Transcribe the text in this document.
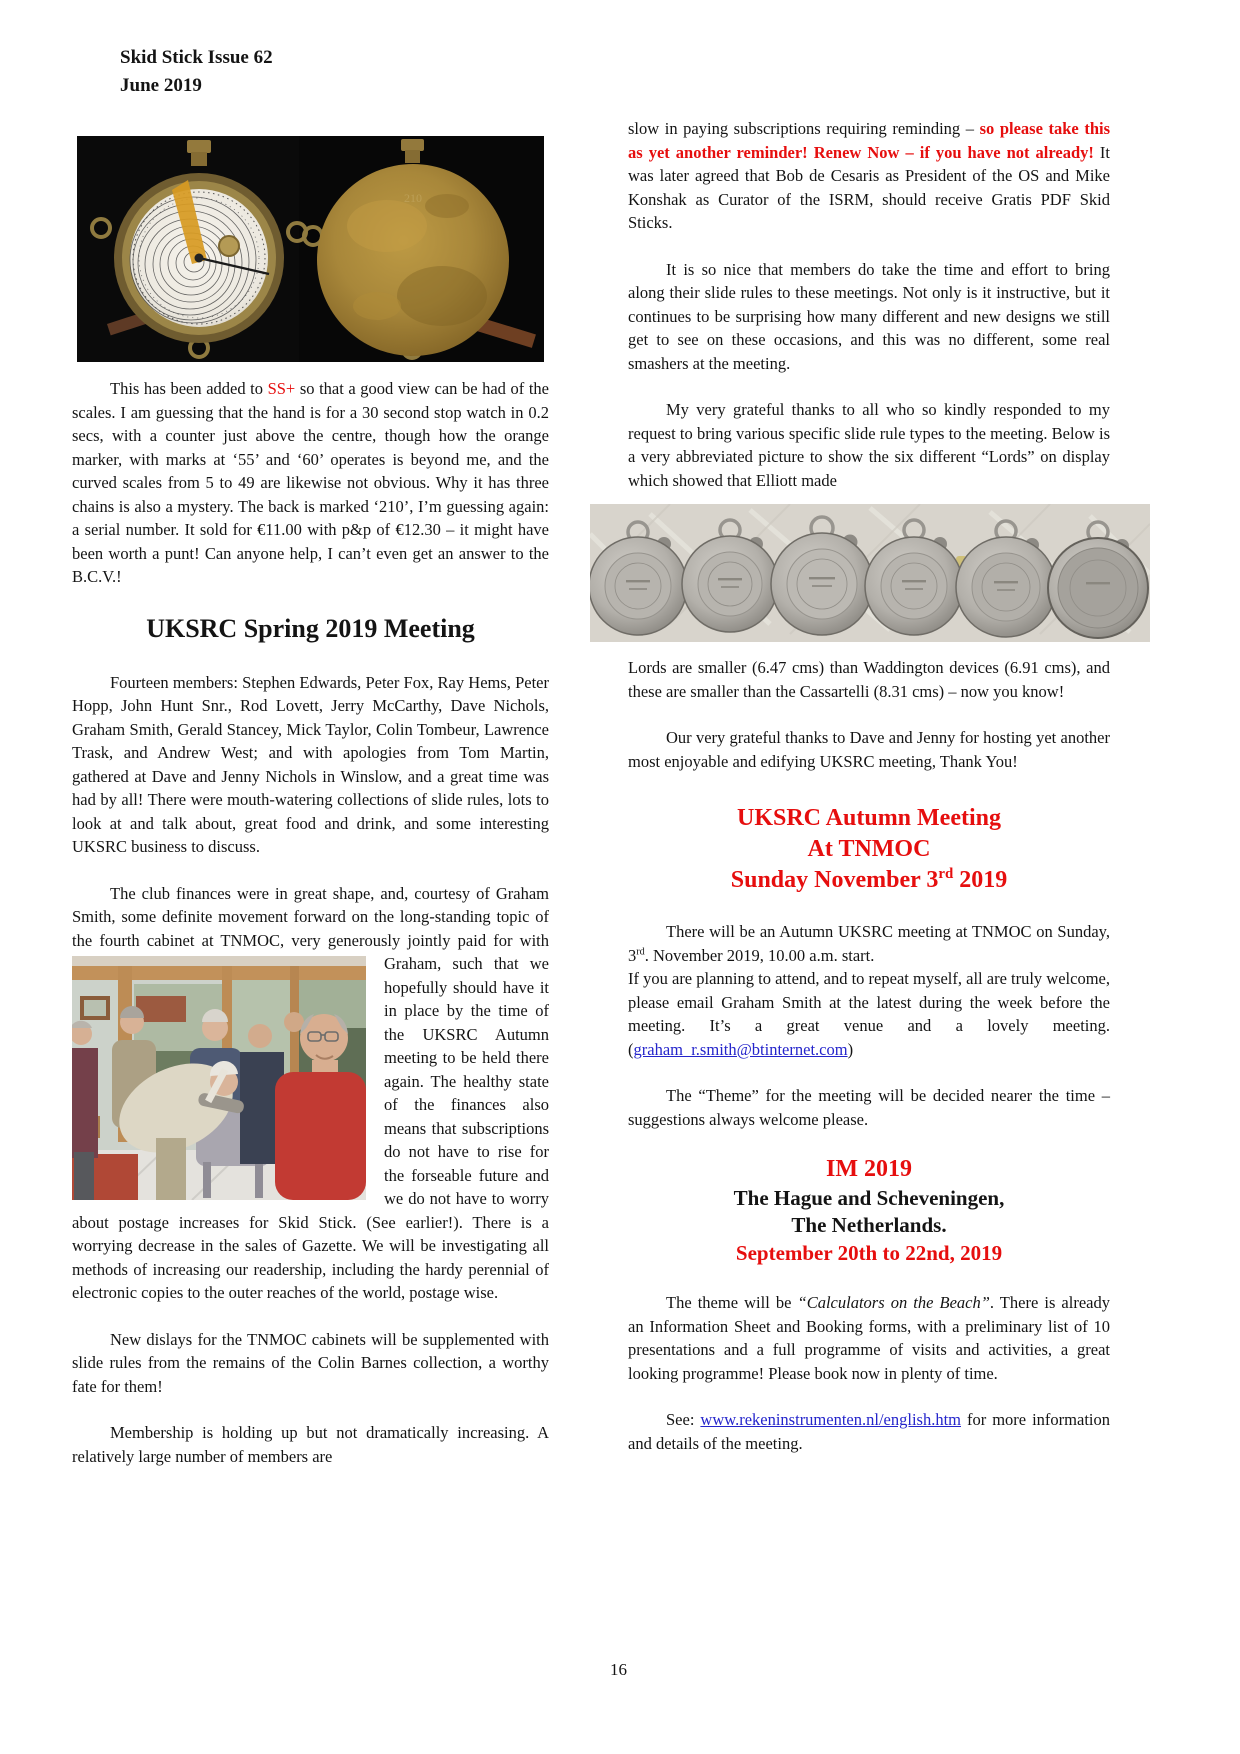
Skid Stick Issue 62
June 2019
210

This has been added to SS+ so that a good view can be had of the scales. I am guessing that the hand is for a 30 second stop watch in 0.2 secs, with a counter just above the centre, though how the orange marker, with marks at ‘55’ and ‘60’ operates is beyond me, and the curved scales from 5 to 49 are likewise not obvious. Why it has three chains is also a mystery. The back is marked ‘210’, I’m guessing again: a serial number. It sold for €11.00 with p&p of €12.30 – it might have been worth a punt! Can anyone help, I can’t even get an answer to the B.C.V.!

UKSRC Spring 2019 Meeting

Fourteen members: Stephen Edwards, Peter Fox, Ray Hems, Peter Hopp, John Hunt Snr., Rod Lovett, Jerry McCarthy, Dave Nichols, Graham Smith, Gerald Stancey, Mick Taylor, Colin Tombeur, Lawrence Trask, and Andrew West; and with apologies from Tom Martin, gathered at Dave and Jenny Nichols in Winslow, and a great time was had by all! There were mouth-watering collections of slide rules, lots to look at and talk about, great food and drink, and some interesting UKSRC business to discuss.

The club finances were in great shape, and, courtesy of Graham Smith, some definite movement forward on the long-standing topic of the fourth cabinet at TNMOC,
very generously jointly paid for with Graham, such that we hopefully should have it in place by the time of the UKSRC Autumn meeting to be held there again. The healthy state of the finances also means that subscriptions do not have to rise for the forseable future and we do not have to worry about postage increases for Skid Stick. (See earlier!). There is a worrying decrease in the sales of Gazette. We will be investigating all methods of increasing our readership, including the hardy perennial of electronic copies to the outer reaches of the world, postage wise.

New dislays for the TNMOC cabinets will be supplemented with slide rules from the remains of the Colin Barnes collection, a worthy fate for them!

Membership is holding up but not dramatically increasing. A relatively large number of members are

slow in paying subscriptions requiring reminding – so please take this as yet another reminder! Renew Now – if you have not already! It was later agreed that Bob de Cesaris as President of the OS and Mike Konshak as Curator of the ISRM, should receive Gratis PDF Skid Sticks.

It is so nice that members do take the time and effort to bring along their slide rules to these meetings. Not only is it instructive, but it continues to be surprising how many different and new designs we still get to see on these occasions, and this was no different, some real smashers at the meeting.

My very grateful thanks to all who so kindly responded to my request to bring various specific slide rule types to the meeting. Below is a very abbreviated picture to show the six different “Lords” on display which showed that Elliott made

Lords are smaller (6.47 cms) than Waddington devices (6.91 cms), and these are smaller than the Cassartelli (8.31 cms) – now you know!

Our very grateful thanks to Dave and Jenny for hosting yet another most enjoyable and edifying UKSRC meeting, Thank You!

UKSRC Autumn Meeting
At TNMOC
Sunday November 3rd 2019

There will be an Autumn UKSRC meeting at TNMOC on Sunday, 3rd. November 2019, 10.00 a.m. start.
If you are planning to attend, and to repeat myself, all are truly welcome, please email Graham Smith at the latest during the week before the meeting. It’s a great venue and a lovely meeting. (graham_r.smith@btinternet.com)

The “Theme” for the meeting will be decided nearer the time – suggestions always welcome please.

IM 2019
The Hague and Scheveningen,
The Netherlands.
September 20th to 22nd, 2019

The theme will be “Calculators on the Beach”. There is already an Information Sheet and Booking forms, with a preliminary list of 10 presentations and a full programme of visits and activities, a great looking programme! Please book now in plenty of time.

See: www.rekeninstrumenten.nl/english.htm for more information and details of the meeting.

16
